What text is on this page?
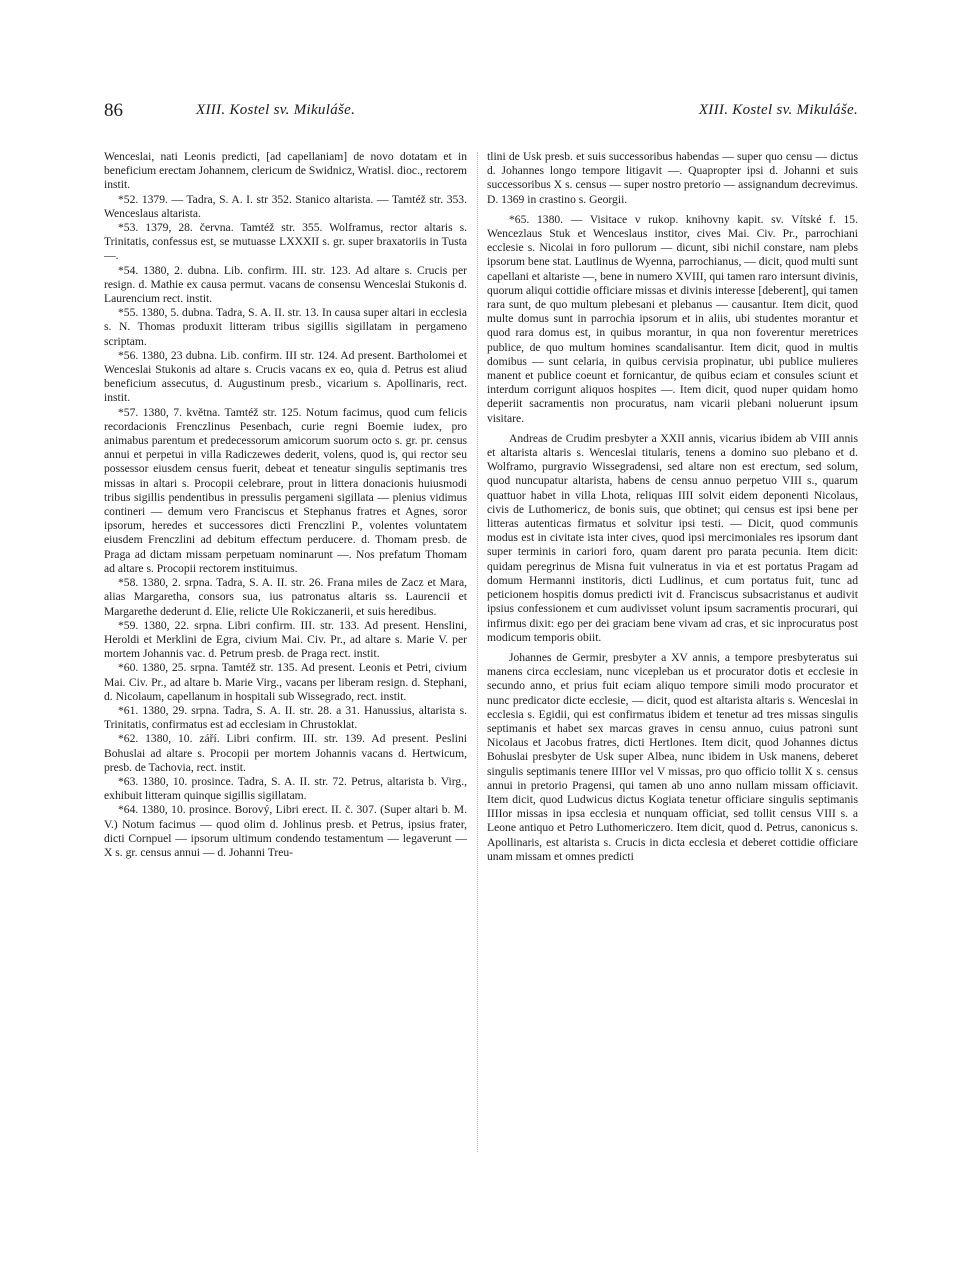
86	XIII. Kostel sv. Mikuláše.	XIII. Kostel sv. Mikuláše.

Wenceslai, nati Leonis predicti, [ad capellaniam] de novo dotatam et in beneficium erectam Johannem, clericum de Swidnicz, Wratisl. dioc., rectorem instit.

*52. 1379. — Tadra, S. A. I. str 352. Stanico altarista. — Tamtéž str. 353. Wenceslaus altarista.

*53. 1379, 28. června. Tamtéž str. 355. Wolframus, rector altaris s. Trinitatis, confessus est, se mutuasse LXXXII s. gr. super braxatoriis in Tusta —.

*54. 1380, 2. dubna. Lib. confirm. III. str. 123. Ad altare s. Crucis per resign. d. Mathie ex causa permut. vacans de consensu Wenceslai Stukonis d. Laurencium rect. instit.

*55. 1380, 5. dubna. Tadra, S. A. II. str. 13. In causa super altari in ecclesia s. N. Thomas produxit litteram tribus sigillis sigillatam in pergameno scriptam.

*56. 1380, 23 dubna. Lib. confirm. III str. 124. Ad present. Bartholomei et Wenceslai Stukonis ad altare s. Crucis vacans ex eo, quia d. Petrus est aliud beneficium assecutus, d. Augustinum presb., vicarium s. Apollinaris, rect. instit.

*57. 1380, 7. května. Tamtéž str. 125. Notum facimus, quod cum felicis recordacionis Frenczlinus Pesenbach, curie regni Boemie iudex, pro animabus parentum et predecessorum amicorum suorum octo s. gr. pr. census annui et perpetui in villa Radiczewes dederit, volens, quod is, qui rector seu possessor eiusdem census fuerit, debeat et teneatur singulis septimanis tres missas in altari s. Procopii celebrare, prout in littera donacionis huiusmodi tribus sigillis pendentibus in pressulis pergameni sigillata — plenius vidimus contineri — demum vero Franciscus et Stephanus fratres et Agnes, soror ipsorum, heredes et successores dicti Frenczlini P., volentes voluntatem eiusdem Frenczlini ad debitum effectum perducere. d. Thomam presb. de Praga ad dictam missam perpetuam nominarunt —. Nos prefatum Thomam ad altare s. Procopii rectorem instituimus.

*58. 1380, 2. srpna. Tadra, S. A. II. str. 26. Frana miles de Zacz et Mara, alias Margaretha, consors sua, ius patronatus altaris ss. Laurencii et Margarethe dederunt d. Elie, relicte Ule Rokiczanerii, et suis heredibus.

*59. 1380, 22. srpna. Libri confirm. III. str. 133. Ad present. Henslini, Heroldi et Merklini de Egra, civium Mai. Civ. Pr., ad altare s. Marie V. per mortem Johannis vac. d. Petrum presb. de Praga rect. instit.

*60. 1380, 25. srpna. Tamtéž str. 135. Ad present. Leonis et Petri, civium Mai. Civ. Pr., ad altare b. Marie Virg., vacans per liberam resign. d. Stephani, d. Nicolaum, capellanum in hospitali sub Wissegrado, rect. instit.

*61. 1380, 29. srpna. Tadra, S. A. II. str. 28. a 31. Hanussius, altarista s. Trinitatis, confirmatus est ad ecclesiam in Chrustoklat.

*62. 1380, 10. září. Libri confirm. III. str. 139. Ad present. Peslini Bohuslai ad altare s. Procopii per mortem Johannis vacans d. Hertwicum, presb. de Tachovia, rect. instit.

*63. 1380, 10. prosince. Tadra, S. A. II. str. 72. Petrus, altarista b. Virg., exhibuit litteram quinque sigillis sigillatam.

*64. 1380, 10. prosince. Borový, Libri erect. II. č. 307. (Super altari b. M. V.) Notum facimus — quod olim d. Johlinus presb. et Petrus, ipsius frater, dicti Cornpuel — ipsorum ultimum condendo testamentum — legaverunt — X s. gr. census annui — d. Johanni Treu-

tlini de Usk presb. et suis successoribus habendas — super quo censu — dictus d. Johannes longo tempore litigavit —. Quapropter ipsi d. Johanni et suis successoribus X s. census — super nostro pretorio — assignandum decrevimus. D. 1369 in crastino s. Georgii.

*65. 1380. — Visitace v rukop. knihovny kapit. sv. Vítské f. 15. Wencezlaus Stuk et Wenceslaus institor, cives Mai. Civ. Pr., parrochiani ecclesie s. Nicolai in foro pullorum — dicunt, sibi nichil constare, nam plebs ipsorum bene stat. Lautlinus de Wyenna, parrochianus, — dicit, quod multi sunt capellani et altariste —, bene in numero XVIII, qui tamen raro intersunt divinis, quorum aliqui cottidie officiare missas et divinis interesse [deberent], qui tamen rara sunt, de quo multum plebesani et plebanus — causantur. Item dicit, quod multe domus sunt in parrochia ipsorum et in aliis, ubi studentes morantur et quod rara domus est, in quibus morantur, in qua non foverentur meretrices publice, de quo multum homines scandalisantur. Item dicit, quod in multis domibus — sunt celaria, in quibus cervisia propinatur, ubi publice mulieres manent et publice coeunt et fornicantur, de quibus eciam et consules sciunt et interdum corrigunt aliquos hospites —. Item dicit, quod nuper quidam homo deperiit sacramentis non procuratus, nam vicarii plebani noluerunt ipsum visitare.

Andreas de Crudim presbyter a XXII annis, vicarius ibidem ab VIII annis et altarista altaris s. Wenceslai titularis, tenens a domino suo plebano et d. Wolframo, purgravio Wissegradensi, sed altare non est erectum, sed solum, quod nuncupatur altarista, habens de censu annuo perpetuo VIII s., quarum quattuor habet in villa Lhota, reliquas IIII solvit eidem deponenti Nicolaus, civis de Luthomericz, de bonis suis, que obtinet; qui census est ipsi bene per litteras autenticas firmatus et solvitur ipsi testi. — Dicit, quod communis modus est in civitate ista inter cives, quod ipsi mercimoniales res ipsorum dant super terminis in cariori foro, quam darent pro parata pecunia. Item dicit: quidam peregrinus de Misna fuit vulneratus in via et est portatus Pragam ad domum Hermanni institoris, dicti Ludlinus, et cum portatus fuit, tunc ad peticionem hospitis domus predicti ivit d. Franciscus subsacristanus et audivit ipsius confessionem et cum audivisset volunt ipsum sacramentis procurari, qui infirmus dixit: ego per dei graciam bene vivam ad cras, et sic inprocuratus post modicum temporis obiit.

Johannes de Germir, presbyter a XV annis, a tempore presbyteratus sui manens circa ecclesiam, nunc vicepleban us et procurator dotis et ecclesie in secundo anno, et prius fuit eciam aliquo tempore simili modo procurator et nunc predicator dicte ecclesie, — dicit, quod est altarista altaris s. Wenceslai in ecclesia s. Egidii, qui est confirmatus ibidem et tenetur ad tres missas singulis septimanis et habet sex marcas graves in censu annuo, cuius patroni sunt Nicolaus et Jacobus fratres, dicti Hertlones. Item dicit, quod Johannes dictus Bohuslai presbyter de Usk super Albea, nunc ibidem in Usk manens, deberet singulis septimanis tenere IIIIor vel V missas, pro quo officio tollit X s. census annui in pretorio Pragensi, qui tamen ab uno anno nullam missam officiavit. Item dicit, quod Ludwicus dictus Kogiata tenetur officiare singulis septimanis IIIIor missas in ipsa ecclesia et nunquam officiat, sed tollit census VIII s. a Leone antiquo et Petro Luthomericzero. Item dicit, quod d. Petrus, canonicus s. Apollinaris, est altarista s. Crucis in dicta ecclesia et deberet cottidie officiare unam missam et omnes predicti
